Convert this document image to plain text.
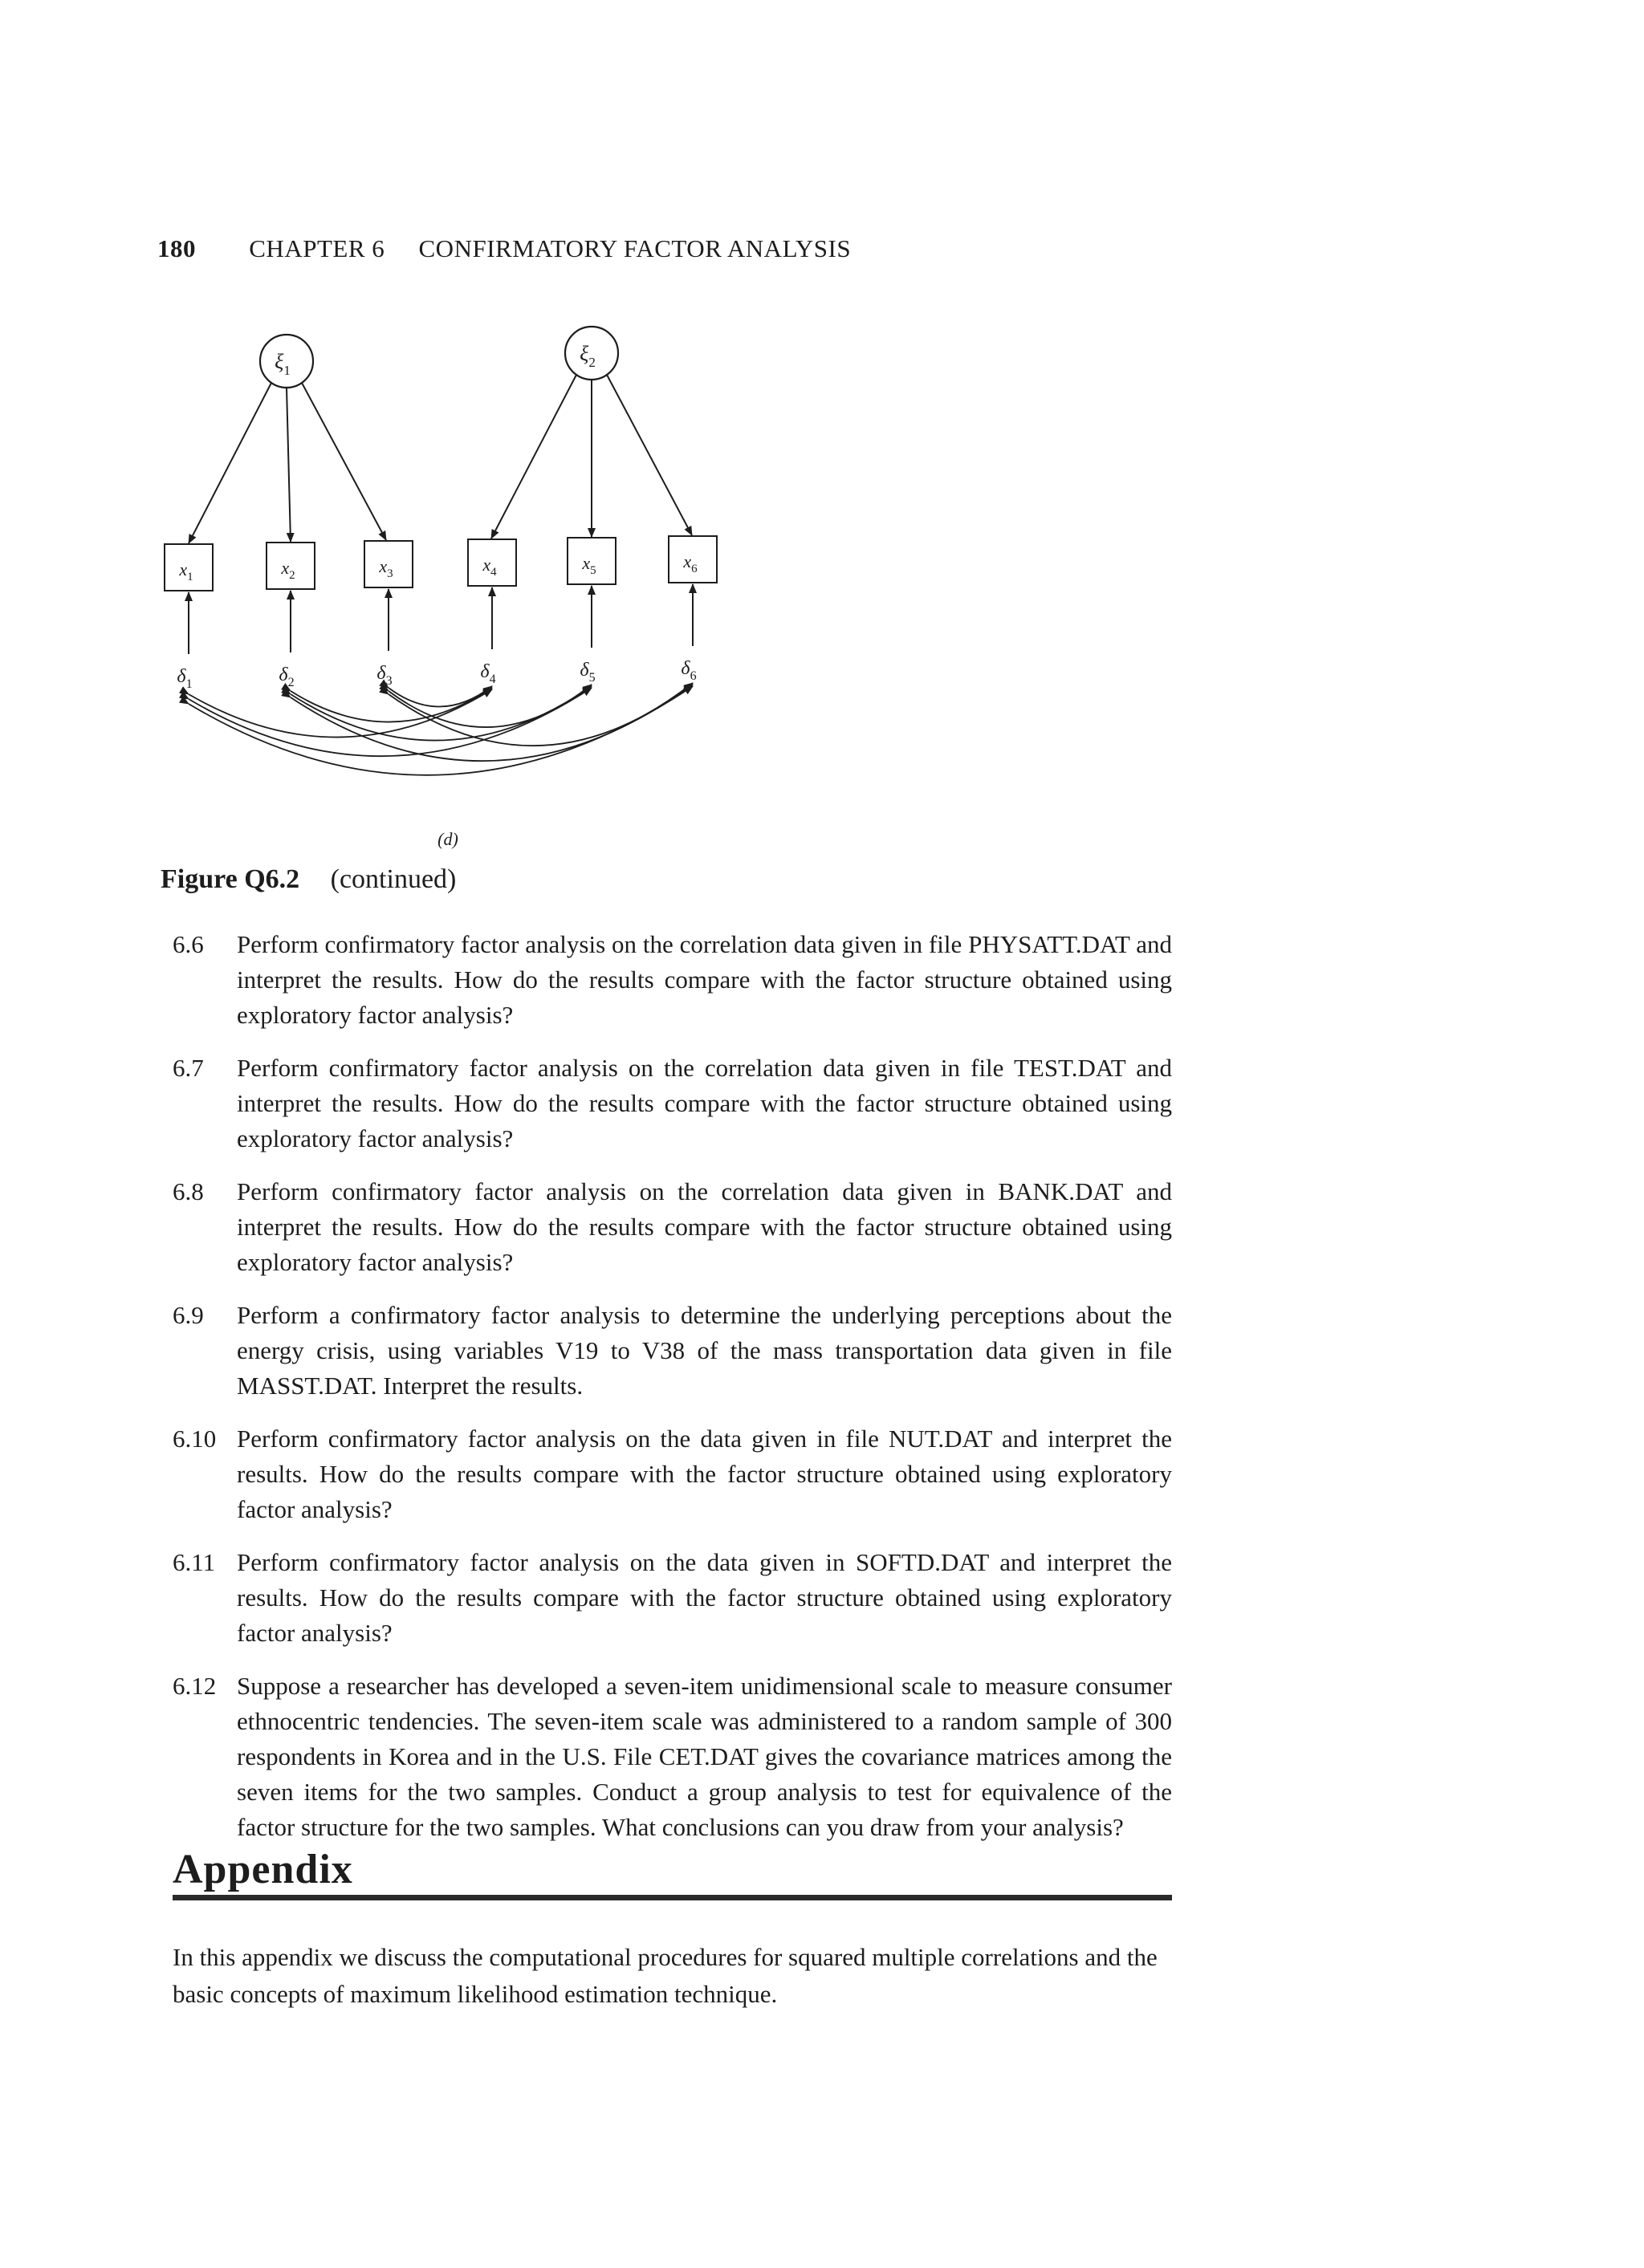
180 CHAPTER 6 CONFIRMATORY FACTOR ANALYSIS
$\xi_1$
$\xi_2$
$x_1$	$x_2$	$x_3$	$x_4$	$x_5$	$x_6$
$\delta_1$	$\delta_2$	$\delta_3$	$\delta_4$	$\delta_5$	$\delta_6$
(d)
Figure Q6.2 (continued)
6.6	Perform confirmatory factor analysis on the correlation data given in file PHYSATT.DAT and interpret the results. How do the results compare with the factor structure obtained using exploratory factor analysis?
6.7	Perform confirmatory factor analysis on the correlation data given in file TEST.DAT and interpret the results. How do the results compare with the factor structure obtained using exploratory factor analysis?
6.8	Perform confirmatory factor analysis on the correlation data given in BANK.DAT and interpret the results. How do the results compare with the factor structure obtained using exploratory factor analysis?
6.9	Perform a confirmatory factor analysis to determine the underlying perceptions about the energy crisis, using variables V19 to V38 of the mass transportation data given in file MASST.DAT. Interpret the results.
6.10 Perform confirmatory factor analysis on the data given in file NUT.DAT and interpret the results. How do the results compare with the factor structure obtained using exploratory factor analysis?
6.11 Perform confirmatory factor analysis on the data given in SOFTD.DAT and interpret the results. How do the results compare with the factor structure obtained using exploratory factor analysis?
6.12 Suppose a researcher has developed a seven-item unidimensional scale to measure consumer ethnocentric tendencies. The seven-item scale was administered to a random sample of 300 respondents in Korea and in the U.S. File CET.DAT gives the covariance matrices among the seven items for the two samples. Conduct a group analysis to test for equivalence of the factor structure for the two samples. What conclusions can you draw from your analysis?
Appendix
In this appendix we discuss the computational procedures for squared multiple correlations and the basic concepts of maximum likelihood estimation technique.
